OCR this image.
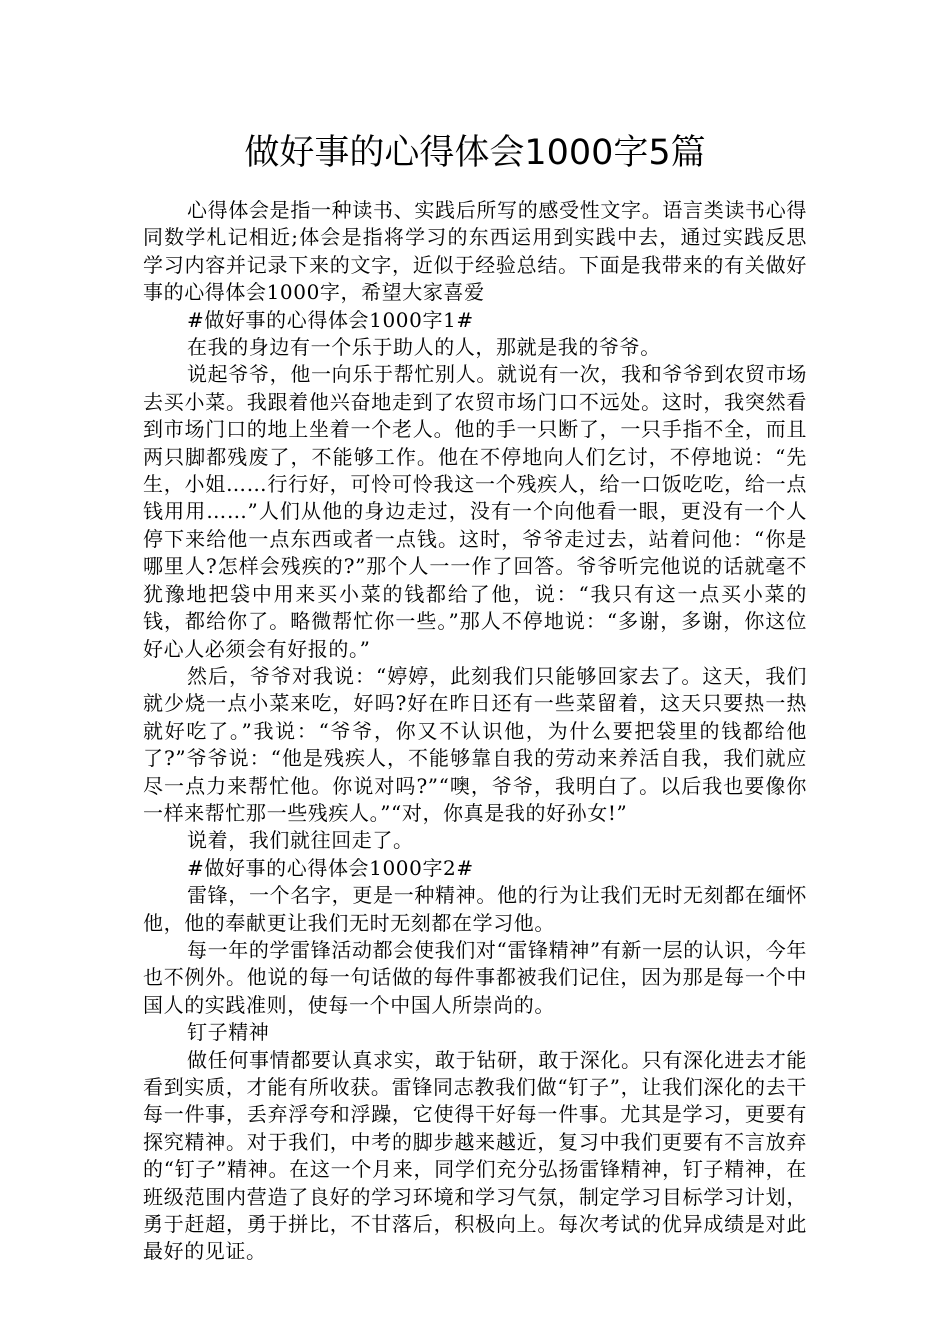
做好事的心得体会1000字5篇

心得体会是指一种读书、实践后所写的感受性文字。语言类读书心得同数学札记相近;体会是指将学习的东西运用到实践中去，通过实践反思学习内容并记录下来的文字，近似于经验总结。下面是我带来的有关做好事的心得体会1000字，希望大家喜爱

#做好事的心得体会1000字1#

在我的身边有一个乐于助人的人，那就是我的爷爷。

说起爷爷，他一向乐于帮忙别人。就说有一次，我和爷爷到农贸市场去买小菜。我跟着他兴奋地走到了农贸市场门口不远处。这时，我突然看到市场门口的地上坐着一个老人。他的手一只断了，一只手指不全，而且两只脚都残废了，不能够工作。他在不停地向人们乞讨，不停地说：“先生，小姐……行行好，可怜可怜我这一个残疾人，给一口饭吃吃，给一点钱用用……”人们从他的身边走过，没有一个向他看一眼，更没有一个人停下来给他一点东西或者一点钱。这时，爷爷走过去，站着问他：“你是哪里人?怎样会残疾的?”那个人一一作了回答。爷爷听完他说的话就毫不犹豫地把袋中用来买小菜的钱都给了他，说：“我只有这一点买小菜的钱，都给你了。略微帮忙你一些。”那人不停地说：“多谢，多谢，你这位好心人必须会有好报的。”

然后，爷爷对我说：“婷婷，此刻我们只能够回家去了。这天，我们就少烧一点小菜来吃，好吗?好在昨日还有一些菜留着，这天只要热一热就好吃了。”我说：“爷爷，你又不认识他，为什么要把袋里的钱都给他了?”爷爷说：“他是残疾人，不能够靠自我的劳动来养活自我，我们就应尽一点力来帮忙他。你说对吗?”“噢，爷爷，我明白了。以后我也要像你一样来帮忙那一些残疾人。”“对，你真是我的好孙女!”

说着，我们就往回走了。

#做好事的心得体会1000字2#

雷锋，一个名字，更是一种精神。他的行为让我们无时无刻都在缅怀他，他的奉献更让我们无时无刻都在学习他。

每一年的学雷锋活动都会使我们对“雷锋精神”有新一层的认识，今年也不例外。他说的每一句话做的每件事都被我们记住，因为那是每一个中国人的实践准则，使每一个中国人所崇尚的。

钉子精神

做任何事情都要认真求实，敢于钻研，敢于深化。只有深化进去才能看到实质，才能有所收获。雷锋同志教我们做“钉子”，让我们深化的去干每一件事，丢弃浮夸和浮躁，它使得干好每一件事。尤其是学习，更要有探究精神。对于我们，中考的脚步越来越近，复习中我们更要有不言放弃的“钉子”精神。在这一个月来，同学们充分弘扬雷锋精神，钉子精神，在班级范围内营造了良好的学习环境和学习气氛，制定学习目标学习计划，勇于赶超，勇于拼比，不甘落后，积极向上。每次考试的优异成绩是对此最好的见证。
